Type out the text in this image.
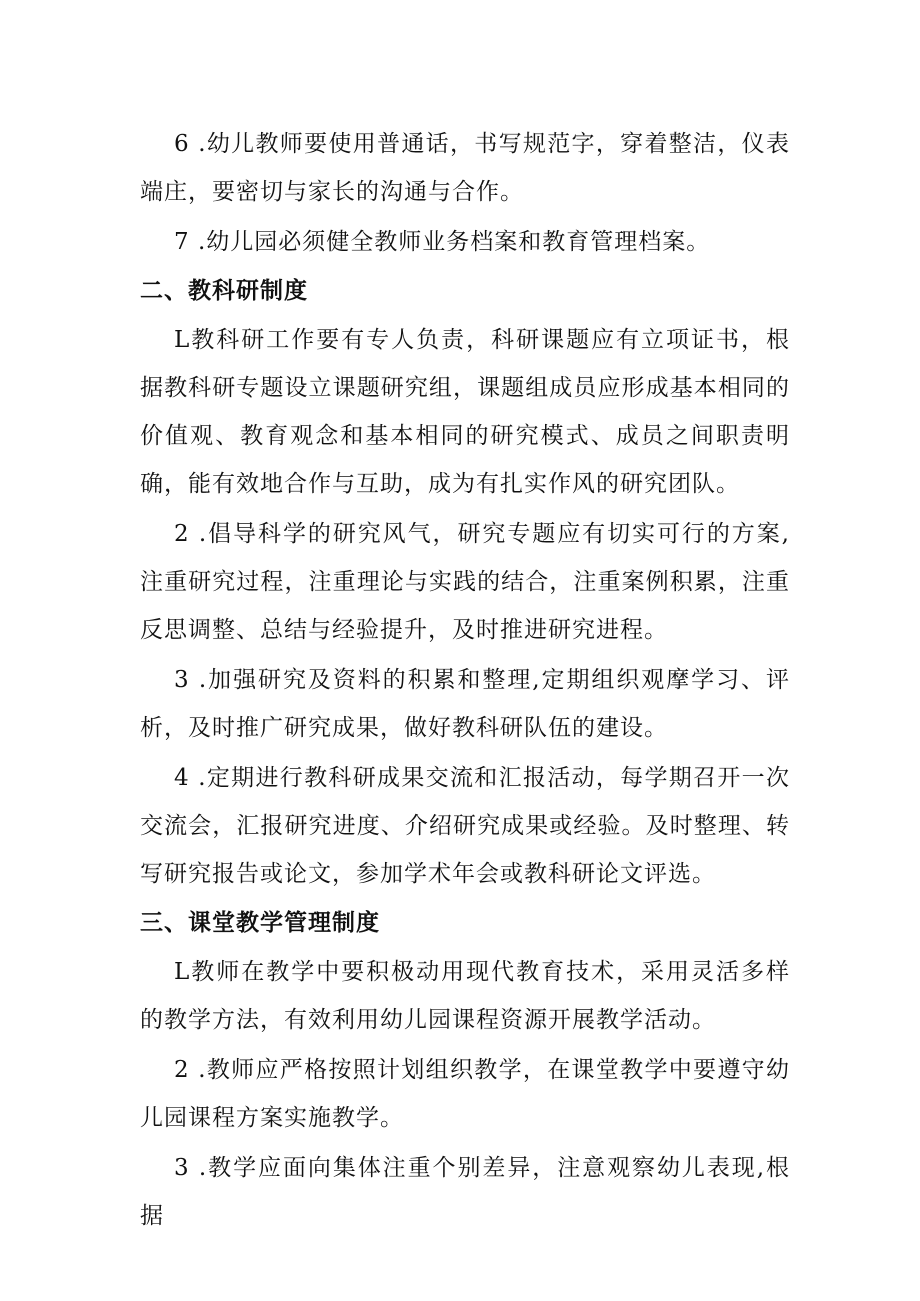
6 .幼儿教师要使用普通话，书写规范字，穿着整洁，仪表端庄，要密切与家长的沟通与合作。

7 .幼儿园必须健全教师业务档案和教育管理档案。

二、教科研制度

L教科研工作要有专人负责，科研课题应有立项证书，根据教科研专题设立课题研究组，课题组成员应形成基本相同的价值观、教育观念和基本相同的研究模式、成员之间职责明确，能有效地合作与互助，成为有扎实作风的研究团队。

2 .倡导科学的研究风气，研究专题应有切实可行的方案,注重研究过程，注重理论与实践的结合，注重案例积累，注重反思调整、总结与经验提升，及时推进研究进程。

3 .加强研究及资料的积累和整理,定期组织观摩学习、评析，及时推广研究成果，做好教科研队伍的建设。

4 .定期进行教科研成果交流和汇报活动，每学期召开一次交流会，汇报研究进度、介绍研究成果或经验。及时整理、转写研究报告或论文，参加学术年会或教科研论文评选。

三、课堂教学管理制度

L教师在教学中要积极动用现代教育技术，采用灵活多样的教学方法，有效利用幼儿园课程资源开展教学活动。

2 .教师应严格按照计划组织教学，在课堂教学中要遵守幼儿园课程方案实施教学。

3 .教学应面向集体注重个别差异，注意观察幼儿表现,根据
